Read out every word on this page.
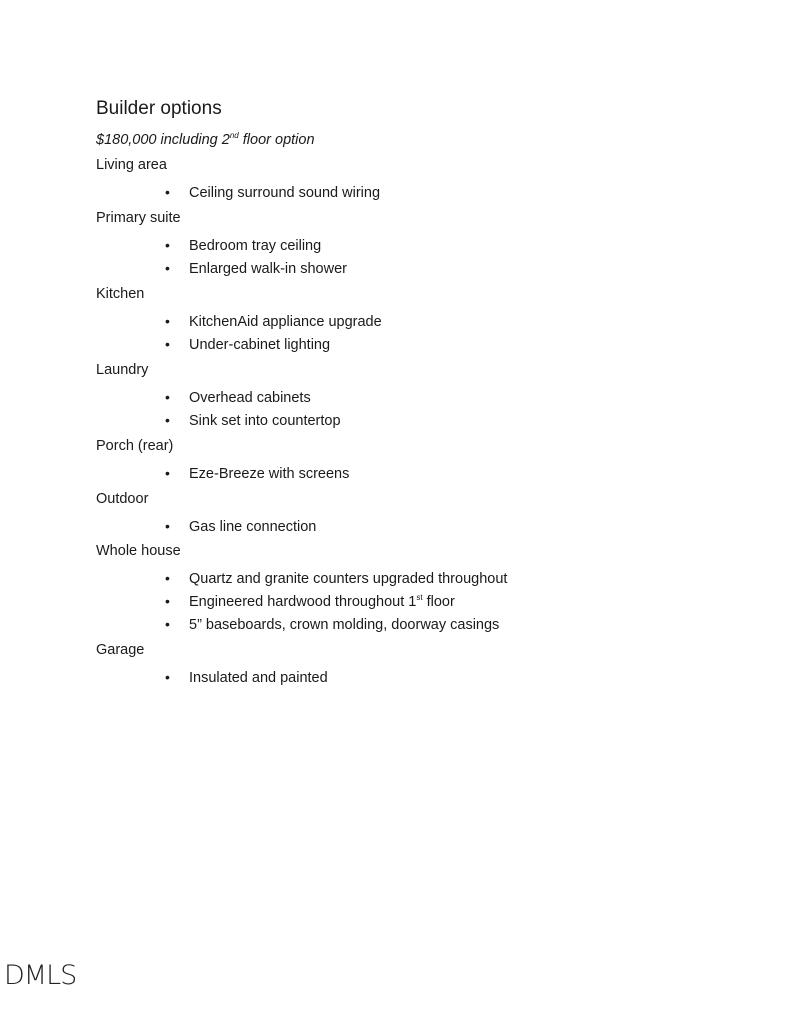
Builder options
$180,000 including 2nd floor option
Living area
• Ceiling surround sound wiring
Primary suite
• Bedroom tray ceiling
• Enlarged walk-in shower
Kitchen
• KitchenAid appliance upgrade
• Under-cabinet lighting
Laundry
• Overhead cabinets
• Sink set into countertop
Porch (rear)
• Eze-Breeze with screens
Outdoor
• Gas line connection
Whole house
• Quartz and granite counters upgraded throughout
• Engineered hardwood throughout 1st floor
• 5” baseboards, crown molding, doorway casings
Garage
• Insulated and painted
DMLS
